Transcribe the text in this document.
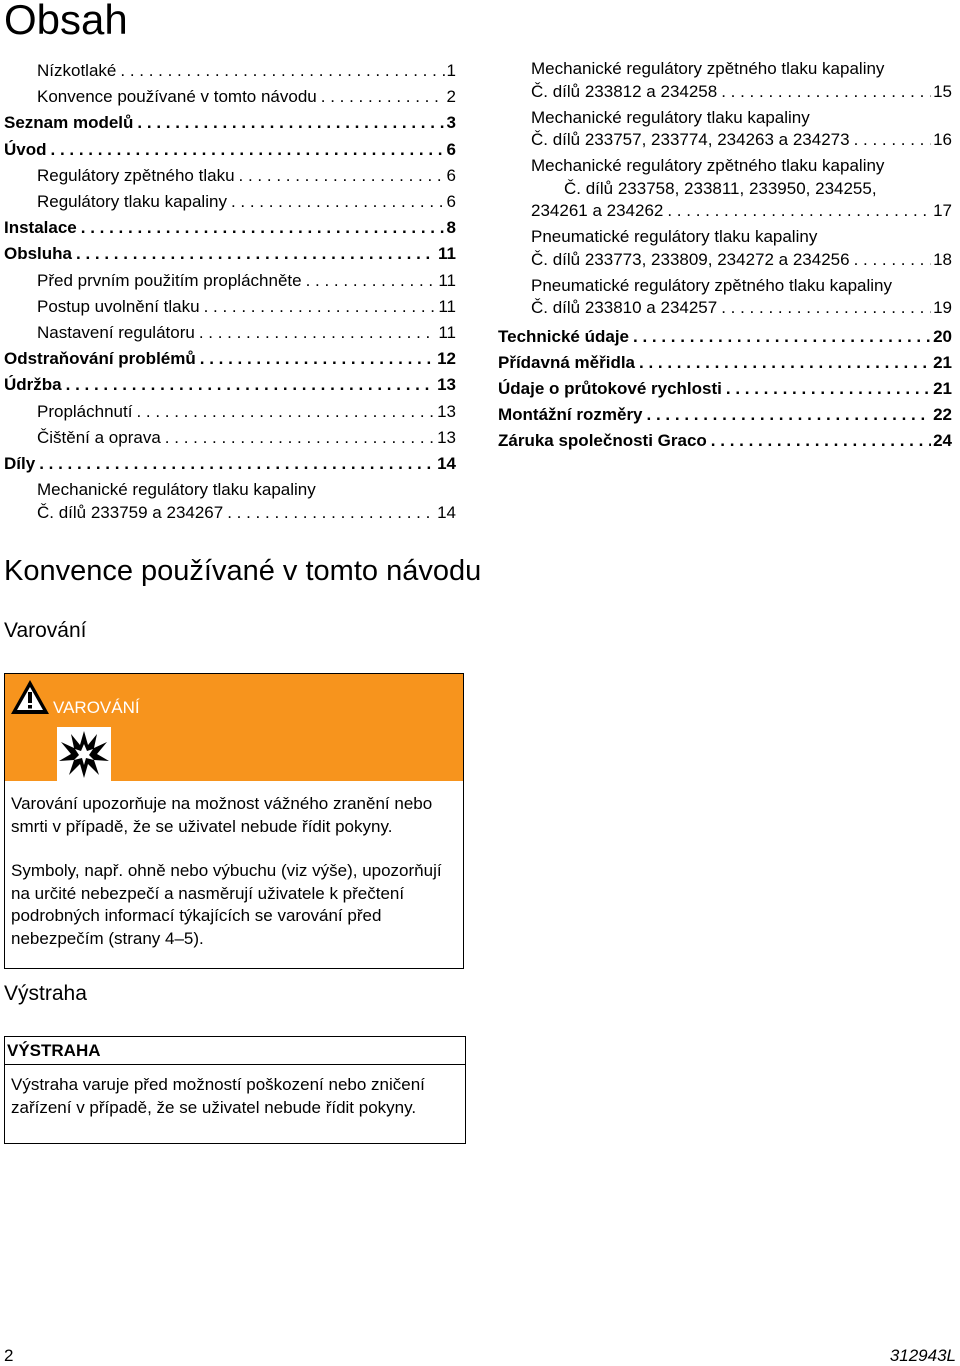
Obsah
Nízkotlaké . . .	1
Konvence používané v tomto návodu . . .	2
Seznam modelů . . .	3
Úvod . . .	6
Regulátory zpětného tlaku . . .	6
Regulátory tlaku kapaliny . . .	6
Instalace . . .	8
Obsluha . . .	11
Před prvním použitím propláchněte . . .	11
Postup uvolnění tlaku . . .	11
Nastavení regulátoru . . .	11
Odstraňování problémů . . .	12
Údržba . . .	13
Propláchnutí . . .	13
Čištění a oprava . . .	13
Díly . . .	14
Mechanické regulátory tlaku kapaliny
Č. dílů 233759 a 234267 . . .	14
Mechanické regulátory zpětného tlaku kapaliny
Č. dílů 233812 a 234258 . . .	15
Mechanické regulátory tlaku kapaliny
Č. dílů 233757, 233774, 234263 a 234273 . . .	16
Mechanické regulátory zpětného tlaku kapaliny
Č. dílů 233758, 233811, 233950, 234255,
234261 a 234262 . . .	17
Pneumatické regulátory tlaku kapaliny
Č. dílů 233773, 233809, 234272 a 234256 . . .	18
Pneumatické regulátory zpětného tlaku kapaliny
Č. dílů 233810 a 234257 . . .	19
Technické údaje . . .	20
Přídavná měřidla . . .	21
Údaje o průtokové rychlosti . . .	21
Montážní rozměry . . .	22
Záruka společnosti Graco . . .	24
Konvence používané v tomto návodu
Varování
VAROVÁNÍ

Varování upozorňuje na možnost vážného zranění nebo smrti v případě, že se uživatel nebude řídit pokyny.

Symboly, např. ohně nebo výbuchu (viz výše), upozorňují na určité nebezpečí a nasměrují uživatele k přečtení podrobných informací týkajících se varování před nebezpečím (strany 4–5).

Výstraha
VÝSTRAHA

Výstraha varuje před možností poškození nebo zničení zařízení v případě, že se uživatel nebude řídit pokyny.

2	312943L
